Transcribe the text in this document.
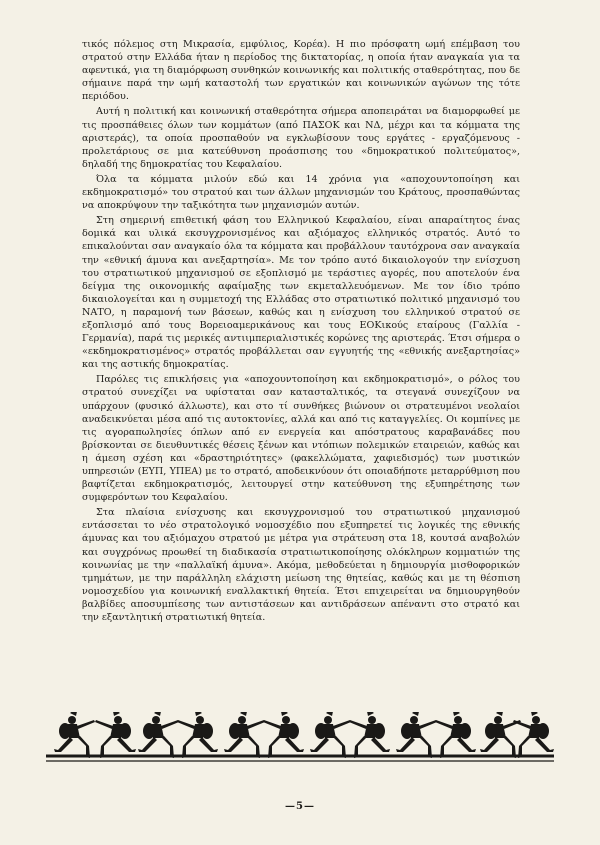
τικός πόλεμος στη Μικρασία, εμφύλιος, Κορέα). Η πιο πρόσφατη ωμή επέμβαση του στρατού στην Ελλάδα ήταν η περίοδος της δικτατορίας, η οποία ήταν αναγκαία για τα αφεντικά, για τη διαμόρφωση συνθηκών κοινωνικής και πολιτικής σταθερότητας, που δε σήμαινε παρά την ωμή καταστολή των εργατικών και κοινωνικών αγώνων της τότε περιόδου.

Αυτή η πολιτική και κοινωνική σταθερότητα σήμερα αποπειράται να διαμορφωθεί με τις προσπάθειες όλων των κομμάτων (από ΠΑΣΟΚ και ΝΔ, μέχρι και τα κόμματα της αριστεράς), τα οποία προσπαθούν να εγκλωβίσουν τους εργάτες - εργαζόμενους - προλετάριους σε μια κατεύθυνση προάσπισης του «δημοκρατικού πολιτεύματος», δηλαδή της δημοκρατίας του Κεφαλαίου.

Όλα τα κόμματα μιλούν εδώ και 14 χρόνια για «αποχουντοποίηση και εκδημοκρατισμό» του στρατού και των άλλων μηχανισμών του Κράτους, προσπαθώντας να αποκρύψουν την ταξικότητα των μηχανισμών αυτών.

Στη σημερινή επιθετική φάση του Ελληνικού Κεφαλαίου, είναι απαραίτητος ένας δομικά και υλικά εκσυγχρονισμένος και αξιόμαχος ελληνικός στρατός. Αυτό το επικαλούνται σαν αναγκαίο όλα τα κόμματα και προβάλλουν ταυτόχρονα σαν αναγκαία την «εθνική άμυνα και ανεξαρτησία». Με τον τρόπο αυτό δικαιολογούν την ενίσχυση του στρατιωτικού μηχανισμού σε εξοπλισμό με τεράστιες αγορές, που αποτελούν ένα δείγμα της οικονομικής αφαίμαξης των εκμεταλλευόμενων. Με τον ίδιο τρόπο δικαιολογείται και η συμμετοχή της Ελλάδας στο στρατιωτικό πολιτικό μηχανισμό του ΝΑΤΟ, η παραμονή των βάσεων, καθώς και η ενίσχυση του ελληνικού στρατού σε εξοπλισμό από τους Βορειοαμερικάνους και τους ΕΟΚικούς εταίρους (Γαλλία - Γερμανία), παρά τις μερικές αντιιμπεριαλιστικές κορώνες της αριστεράς. Έτσι σήμερα ο «εκδημοκρατισμένος» στρατός προβάλλεται σαν εγγυητής της «εθνικής ανεξαρτησίας» και της αστικής δημοκρατίας.

Παρόλες τις επικλήσεις για «αποχουντοποίηση και εκδημοκρατισμό», ο ρόλος του στρατού συνεχίζει να υφίσταται σαν κατασταλτικός, τα στεγανά συνεχίζουν να υπάρχουν (φυσικό άλλωστε), και στο τί συνθήκες βιώνουν οι στρατευμένοι νεολαίοι αναδεικνύεται μέσα από τις αυτοκτονίες, αλλά και από τις καταγγελίες. Οι κομπίνες με τις αγοραπωλησίες όπλων από εν ενεργεία και απόστρατους καραβανάδες που βρίσκονται σε διευθυντικές θέσεις ξένων και ντόπιων πολεμικών εταιρειών, καθώς και η άμεση σχέση και «δραστηριότητες» (φακελλώματα, χαφιεδισμός) των μυστικών υπηρεσιών (ΕΥΠ, ΥΠΕΑ) με το στρατό, αποδεικνύουν ότι οποιαδήποτε μεταρρύθμιση που βαφτίζεται εκδημοκρατισμός, λειτουργεί στην κατεύθυνση της εξυπηρέτησης των συμφερόντων του Κεφαλαίου.

Στα πλαίσια ενίσχυσης και εκσυγχρονισμού του στρατιωτικού μηχανισμού εντάσσεται το νέο στρατολογικό νομοσχέδιο που εξυπηρετεί τις λογικές της εθνικής άμυνας και του αξιόμαχου στρατού με μέτρα για στράτευση στα 18, κουτσά αναβολών και συγχρόνως προωθεί τη διαδικασία στρατιωτικοποίησης ολόκληρων κομματιών της κοινωνίας με την «παλλαϊκή άμυνα». Ακόμα, μεθοδεύεται η δημιουργία μισθοφορικών τμημάτων, με την παράλληλη ελάχιστη μείωση της θητείας, καθώς και με τη θέσπιση νομοσχεδίου για κοινωνική εναλλακτική θητεία. Έτσι επιχειρείται να δημιουργηθούν βαλβίδες αποσυμπίεσης των αντιστάσεων και αντιδράσεων απέναντι στο στρατό και την εξαντλητική στρατιωτική θητεία.

—5—
